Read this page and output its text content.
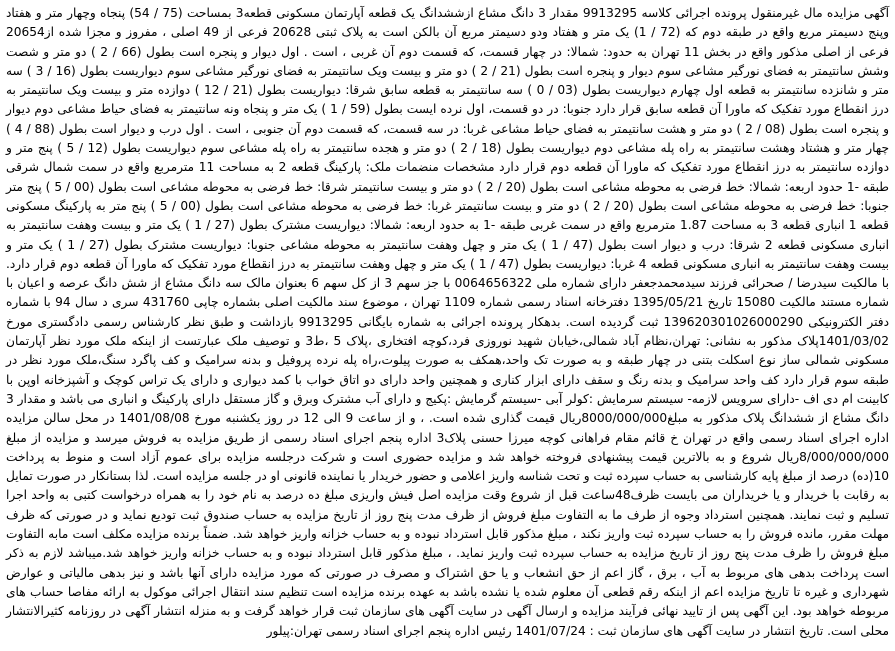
آگهی مزایده مال غیرمنقول پرونده اجرائی کلاسه 9913295 مقدار 3 دانگ مشاع ازششدانگ یک قطعه آپارتمان مسکونی قطعه3 بمساحت (75 / 54) پنجاه وچهار متر و هفتاد وپنج دسیمتر مربع واقع در طبقه دوم که (72 / 1) یک متر و هفتاد ودو دسیمتر مربع آن بالکن است به پلاک ثبتی 20628 فرعی از 49 اصلی ، مفروز و مجزا شده از20654 فرعی از اصلی مذکور واقع در بخش 11 تهران به حدود: شمالا: در چهار قسمت، که قسمت دوم آن غربی ، است . اول دیوار و پنجره است بطول (66 / 2 ) دو متر و شصت وشش سانتیمتر به فضای نورگیر مشاعی سوم دیوار و پنجره است بطول (21 / 2 ) دو متر و بیست ویک سانتیمتر به فضای نورگیر مشاعی سوم دیواریست بطول (16 / 3 ) سه متر و شانزده سانتیمتر به قطعه اول چهارم دیواریست بطول (03 / 0 ) سه سانتیمتر به قطعه سابق شرقا: دیواریست بطول (21 / 12 ) دوازده متر و بیست ویک سانتیمتر به درز انقطاع مورد تفکیک که ماورا آن قطعه سابق قرار دارد جنوبا: در دو قسمت، اول نرده ایست بطول (59 / 1 ) یک متر و پنجاه ونه سانتیمتر به فضای حیاط مشاعی دوم دیوار و پنجره است بطول (08 / 2 ) دو متر و هشت سانتیمتر به فضای حیاط مشاعی غربا: در سه قسمت، که قسمت دوم آن جنوبی ، است . اول درب و دیوار است بطول (88 / 4 ) چهار متر و هشتاد وهشت سانتیمتر به راه پله مشاعی دوم دیواریست بطول (18 / 2 ) دو متر و هجده سانتیمتر به راه پله مشاعی سوم دیواریست بطول (12 / 5 ) پنج متر و دوازده سانتیمتر به درز انقطاع مورد تفکیک که ماورا آن قطعه دوم قرار دارد مشخصات منضمات ملک: پارکینگ قطعه 2 به مساحت 11 مترمربع واقع در سمت شمال شرقی طبقه -1 حدود اربعه: شمالا: خط فرضی به محوطه مشاعی است بطول (20 / 2 ) دو متر و بیست سانتیمتر شرقا: خط فرضی به محوطه مشاعی است بطول (00 / 5 ) پنج متر جنوبا: خط فرضی به محوطه مشاعی است بطول (20 / 2 ) دو متر و بیست سانتیمتر غربا: خط فرضی به محوطه مشاعی است بطول (00 / 5 ) پنج متر به پارکینگ مسکونی قطعه 1 انباری قطعه 3 به مساحت 1.87 مترمربع واقع در سمت غربی طبقه -1 به حدود اربعه: شمالا: دیواریست مشترک بطول (27 / 1 ) یک متر و بیست وهفت سانتیمتر به انباری مسکونی قطعه 2 شرقا: درب و دیوار است بطول (47 / 1 ) یک متر و چهل وهفت سانتیمتر به محوطه مشاعی جنوبا: دیواریست مشترک بطول (27 / 1 ) یک متر و بیست وهفت سانتیمتر به انباری مسکونی قطعه 4 غربا: دیواریست بطول (47 / 1 ) یک متر و چهل وهفت سانتیمتر به درز انقطاع مورد تفکیک که ماورا آن قطعه دوم قرار دارد. با مالکیت سیدرضا / صحرائی فرزند سیدمحمدجعفر دارای شماره ملی 0064656322 با جز سهم 3 از کل سهم 6 بعنوان مالک سه دانگ مشاع از شش دانگ عرصه و اعیان با شماره مستند مالکیت 15080 تاریخ 1395/05/21 دفترخانه اسناد رسمی شماره 1109 تهران ، موضوع سند مالکیت اصلی بشماره چاپی 431760 سری د سال 94 با شماره دفتر الکترونیکی 139620301026000290 ثبت گردیده است. بدهکار پرونده اجرائی به شماره بایگانی 9913295 بازداشت و طبق نظر کارشناس رسمی دادگستری مورخ 1401/03/02پلاک مذکور به نشانی: تهران،نظام آباد شمالی،خیابان شهید نوروزی فرد،کوچه افتخاری ،پلاک 5 ،ط3 و توصیف ملک عبارتست از اینکه ملک مورد نظر آپارتمان مسکونی شمالی ساز نوع اسکلت بتنی در چهار طبقه و به صورت تک واحد،همکف به صورت پیلوت،راه پله نرده پروفیل و بدنه سرامیک و کف پاگرد سنگ،ملک مورد نظر در طبقه سوم قرار دارد کف واحد سرامیک و بدنه رنگ و سقف دارای ابزار کناری و همچنین واحد دارای دو اتاق خواب با کمد دیواری و دارای یک تراس کوچک و آشپزخانه اوپن با کابینت ام دی اف -دارای سرویس لازمه- سیستم سرمایش :کولر آبی -سیستم گرمایش :پکیج و دارای آب مشترک وبرق و گاز مستقل دارای پارکینگ و انباری می باشد و مقدار 3 دانگ مشاع از ششدانگ پلاک مذکور به مبلغ8000/000/000ریال قیمت گذاری شده است. ، و از ساعت 9 الی 12 در روز یکشنبه مورخ 1401/08/08 در محل سالن مزایده اداره اجرای اسناد رسمی واقع در تهران خ قائم مقام فراهانی کوچه میرزا حسنی پلاک3 اداره پنجم اجرای اسناد رسمی از طریق مزایده به فروش میرسد و مزایده از مبلغ 8/000/000/000ریال شروع و به بالاترین قیمت پیشنهادی فروخته خواهد شد و مزایده حضوری است و شرکت درجلسه مزایده برای عموم آزاد است و منوط به پرداخت 10(ده) درصد از مبلغ پایه کارشناسی به حساب سپرده ثبت و تحت شناسه واریز اعلامی و حضور خریدار یا نماینده قانونی او در جلسه مزایده است. لذا بستانکار در صورت تمایل به رقابت با خریدار و یا خریداران می بایست ظرف48ساعت قبل از شروع وقت مزایده اصل فیش واریزی مبلغ ده درصد به نام خود را به همراه درخواست کتبی به واحد اجرا تسلیم و ثبت نمایند. همچنین استرداد وجوه از طرف ما به التفاوت مبلغ فروش از ظرف مدت پنج روز از تاریخ مزایده به حساب صندوق ثبت تودیع نماید و در صورتی که ظرف مهلت مقرر، مانده فروش را به حساب سپرده ثبت واریز نکند ، مبلغ مذکور قابل استرداد نبوده و به حساب خزانه واریز خواهد شد. ضمناً برنده مزایده مکلف است مابه التفاوت مبلغ فروش را ظرف مدت پنج روز از تاریخ مزایده به حساب سپرده ثبت واریز نماید. ، مبلغ مذکور قابل استرداد نبوده و به حساب خزانه واریز خواهد شد.میباشد لازم به ذکر است پرداخت بدهی های مربوط به آب ، برق ، گاز اعم از حق انشعاب و یا حق اشتراک و مصرف در صورتی که مورد مزایده دارای آنها باشد و نیز بدهی مالیاتی و عوارض شهرداری و غیره تا تاریخ مزایده اعم از اینکه رقم قطعی آن معلوم شده یا نشده باشد به عهده برنده مزایده است تنظیم سند انتقال اجرائی موکول به ارائه مفاصا حساب های مربوطه خواهد بود. این آگهی پس از تایید نهائی فرآیند مزایده و ارسال آگهی در سایت آگهی های سازمان ثبت قرار خواهد گرفت و به منزله انتشار آگهی در روزنامه کثیرالانتشار محلی است. تاریخ انتشار در سایت آگهی های سازمان ثبت : 1401/07/24 رئیس اداره پنجم اجرای اسناد رسمی تهران:پیلور
